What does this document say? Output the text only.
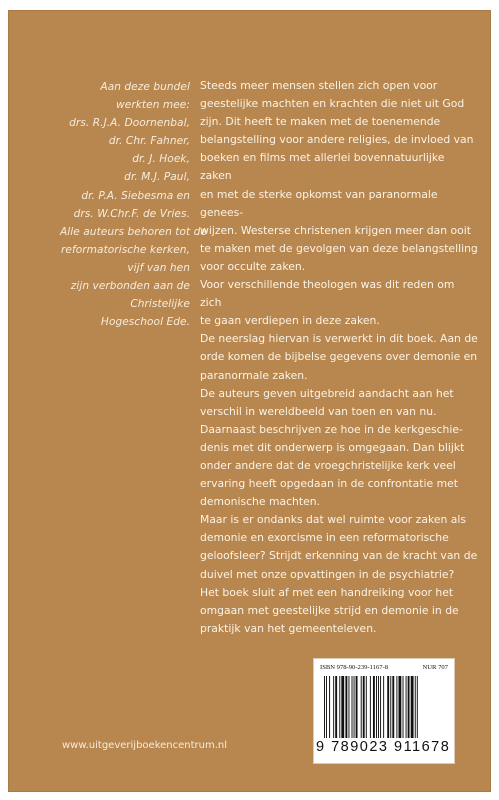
Aan deze bundel
werkten mee:
drs. R.J.A. Doornenbal,
dr. Chr. Fahner,
dr. J. Hoek,
dr. M.J. Paul,
dr. P.A. Siebesma en
drs. W.Chr.F. de Vries.
Alle auteurs behoren tot de
reformatorische kerken,
vijf van hen
zijn verbonden aan de
Christelijke
Hogeschool Ede.

Steeds meer mensen stellen zich open voor
geestelijke machten en krachten die niet uit God
zijn. Dit heeft te maken met de toenemende
belangstelling voor andere religies, de invloed van
boeken en films met allerlei bovennatuurlijke zaken
en met de sterke opkomst van paranormale genees-
wijzen. Westerse christenen krijgen meer dan ooit
te maken met de gevolgen van deze belangstelling
voor occulte zaken.

Voor verschillende theologen was dit reden om zich
te gaan verdiepen in deze zaken.

De neerslag hiervan is verwerkt in dit boek. Aan de
orde komen de bijbelse gegevens over demonie en
paranormale zaken.

De auteurs geven uitgebreid aandacht aan het
verschil in wereldbeeld van toen en van nu.
Daarnaast beschrijven ze hoe in de kerkgeschie-
denis met dit onderwerp is omgegaan. Dan blijkt
onder andere dat de vroegchristelijke kerk veel
ervaring heeft opgedaan in de confrontatie met
demonische machten.

Maar is er ondanks dat wel ruimte voor zaken als
demonie en exorcisme in een reformatorische
geloofsleer? Strijdt erkenning van de kracht van de
duivel met onze opvattingen in de psychiatrie?
Het boek sluit af met een handreiking voor het
omgaan met geestelijke strijd en demonie in de
praktijk van het gemeenteleven.

www.uitgeverijboekencentrum.nl
ISBN 978-90-239-1167-8	NUR 707
9 789023 911678
